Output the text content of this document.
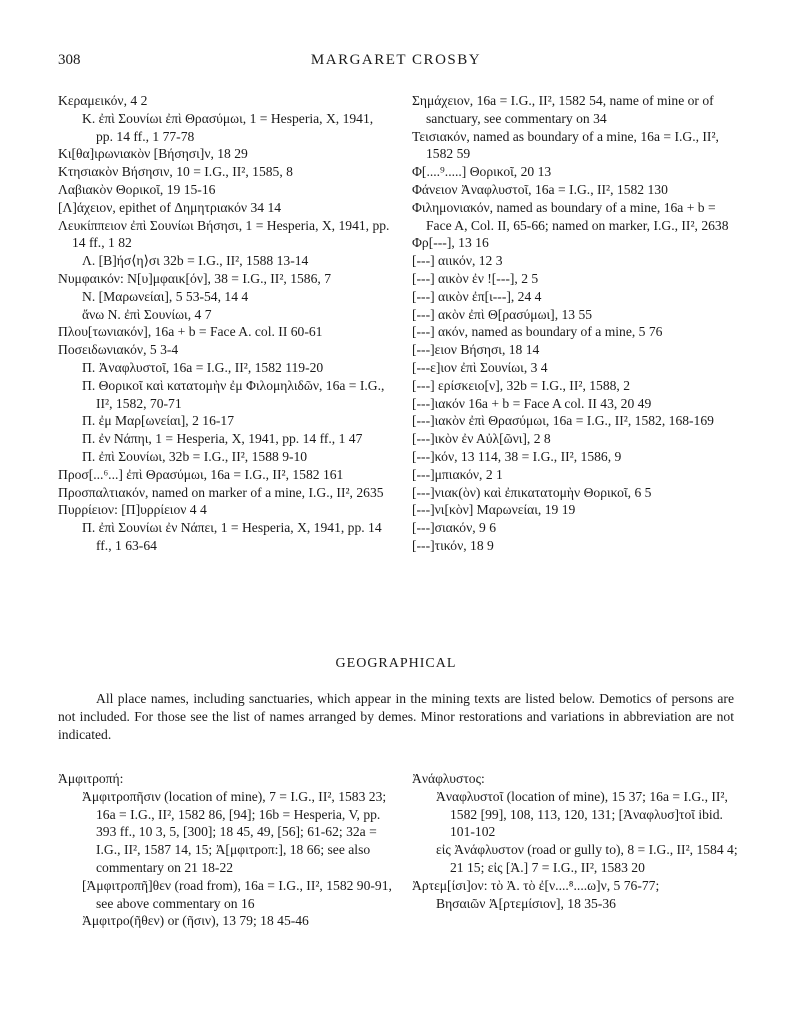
308	MARGARET CROSBY
Κεραμεικόν, 4 2
Κ. ἐπὶ Σουνίωι ἐπὶ Θρασύμωι, 1 = Hesperia, X, 1941, pp. 14 ff., 1 77-78
Κι[θα]ιρωνιακὸν [Βήσησι]ν, 18 29
Κτησιακὸν Βήσησιν, 10 = I.G., II², 1585, 8
Λαβιακὸν Θορικοῖ, 19 15-16
[Λ]άχειον, epithet of Δημητριακόν 34 14
Λευκίππειον ἐπὶ Σουνίωι Βήσησι, 1 = Hesperia, X, 1941, pp. 14 ff., 1 82
Λ. [Β]ήσ⟨η⟩σι 32b = I.G., II², 1588 13-14
Νυμφαικόν: Ν[υ]μφαικ[όν], 38 = I.G., II², 1586, 7
Ν. [Μαρωνείαι], 5 53-54, 14 4
ἄνω Ν. ἐπὶ Σουνίωι, 4 7
Πλου[τωνιακόν], 16a + b = Face A. col. II 60-61
Ποσειδωνιακόν, 5 3-4
Π. Ἀναφλυστοῖ, 16a = I.G., II², 1582 119-20
Π. Θορικοῖ καὶ κατατομὴν ἐμ Φιλομηλιδῶν, 16a = I.G., II², 1582, 70-71
Π. ἐμ Μαρ[ωνείαι], 2 16-17
Π. ἐν Νάπηι, 1 = Hesperia, X, 1941, pp. 14 ff., 1 47
Π. ἐπὶ Σουνίωι, 32b = I.G., II², 1588 9-10
Προσ[...⁶...] ἐπὶ Θρασύμωι, 16a = I.G., II², 1582 161
Προσπαλτιακόν, named on marker of a mine, I.G., II², 2635
Πυρρίειον: [Π]υρρίειον 4 4
Π. ἐπὶ Σουνίωι ἐν Νάπει, 1 = Hesperia, X, 1941, pp. 14 ff., 1 63-64
Σημάχειον, 16a = I.G., II², 1582 54, name of mine or of sanctuary, see commentary on 34
Τεισιακόν, named as boundary of a mine, 16a = I.G., II², 1582 59
Φ[....⁹.....] Θορικοῖ, 20 13
Φάνειον Ἀναφλυστοῖ, 16a = I.G., II², 1582 130
Φιλημονιακόν, named as boundary of a mine, 16a + b = Face A, Col. II, 65-66; named on marker, I.G., II², 2638
Φρ[---], 13 16
[---] αιικόν, 12 3
[---] αικὸν ἐν ![---], 2 5
[---] αικὸν ἐπ[ι---], 24 4
[---] ακὸν ἐπὶ Θ[ρασύμωι], 13 55
[---] ακόν, named as boundary of a mine, 5 76
[---]ειον Βήσησι, 18 14
[---ε]ιον ἐπὶ Σουνίωι, 3 4
[---] ερίσκειο[ν], 32b = I.G., II², 1588, 2
[---]ιακόν 16a + b = Face A col. II 43, 20 49
[---]ιακὸν ἐπὶ Θρασύμωι, 16a = I.G., II², 1582, 168-169
[---]ικὸν ἐν Αὐλ[ῶνι], 2 8
[---]κόν, 13 114, 38 = I.G., II², 1586, 9
[---]μπιακόν, 2 1
[---]νιακ(ὸν) καὶ ἐπικατατομὴν Θορικοῖ, 6 5
[---]νι[κὸν] Μαρωνείαι, 19 19
[---]σιακόν, 9 6
[---]τικόν, 18 9
GEOGRAPHICAL
All place names, including sanctuaries, which appear in the mining texts are listed below. Demotics of persons are not included. For those see the list of names arranged by demes. Minor restorations and variations in abbreviation are not indicated.
Ἀμφιτροπή:
Ἀμφιτροπῆσιν (location of mine), 7 = I.G., II², 1583 23; 16a = I.G., II², 1582 86, [94]; 16b = Hesperia, V, pp. 393 ff., 10 3, 5, [300]; 18 45, 49, [56]; 61-62; 32a = I.G., II², 1587 14, 15; Ἀ[μφιτροπ:], 18 66; see also commentary on 21 18-22
[Ἀμφιτροπῆ]θεν (road from), 16a = I.G., II², 1582 90-91, see above commentary on 16
Ἀμφιτρο(ῆθεν) or (ῆσιν), 13 79; 18 45-46
Ἀνάφλυστος:
Ἀναφλυστοῖ (location of mine), 15 37; 16a = I.G., II², 1582 [99], 108, 113, 120, 131; [Ἀναφλυσ]τοῖ ibid. 101-102
εἰς Ἀνάφλυστον (road or gully to), 8 = I.G., II², 1584 4; 21 15; εἰς [Ἀ.] 7 = I.G., II², 1583 20
Ἀρτεμ[ίσι]ον: τὸ Ἀ. τὸ ἐ[ν....⁸....ω]ν, 5 76-77;
Βησαιῶν Ἀ[ρτεμίσιον], 18 35-36
